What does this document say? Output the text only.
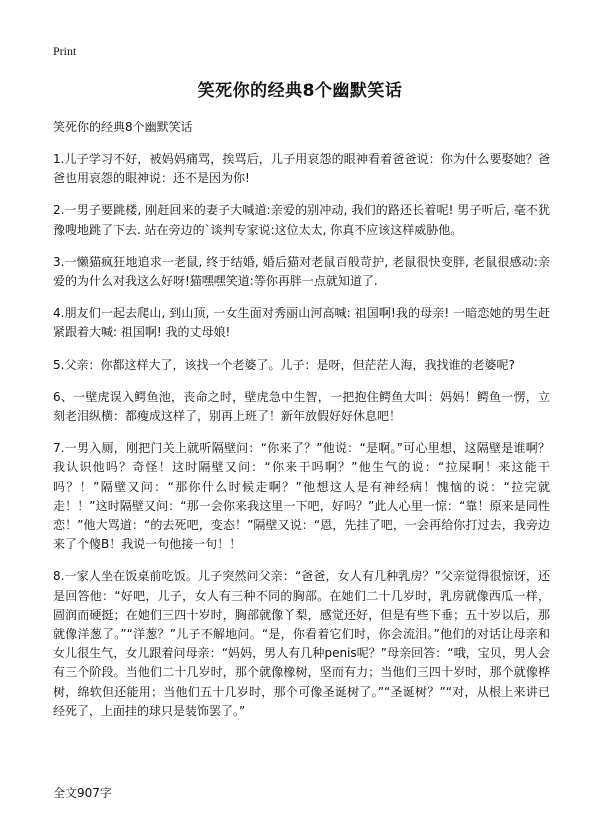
Print
笑死你的经典8个幽默笑话
笑死你的经典8个幽默笑话

1.儿子学习不好，被妈妈痛骂，挨骂后，儿子用哀怨的眼神看着爸爸说：你为什么要娶她？爸爸也用哀怨的眼神说：还不是因为你!

2.一男子要跳楼, 刚赶回来的妻子大喊道:亲爱的别冲动, 我们的路还长着呢! 男子听后, 毫不犹豫嗖地跳了下去. 站在旁边的`谈判专家说:这位太太, 你真不应该这样威胁他。

3.一懒猫疯狂地追求一老鼠, 终于结婚, 婚后猫对老鼠百般苛护, 老鼠很快变胖, 老鼠很感动:亲爱的为什么对我这么好呀!猫嘿嘿笑道:等你再胖一点就知道了.

4.朋友们一起去爬山, 到山顶, 一女生面对秀丽山河高喊: 祖国啊!我的母亲! 一暗恋她的男生赶紧跟着大喊: 祖国啊! 我的丈母娘!

5.父亲：你都这样大了，该找一个老婆了。儿子：是呀，但茫茫人海，我找谁的老婆呢?

6、一壁虎误入鳄鱼池，丧命之时，壁虎急中生智，一把抱住鳄鱼大叫：妈妈！鳄鱼一愣，立刻老泪纵横：都瘦成这样了，别再上班了！新年放假好好休息吧！

7.一男入厕，刚把门关上就听隔壁问：“你来了？”他说：“是啊。”可心里想，这隔壁是谁啊？我认识他吗？奇怪！这时隔壁又问：“你来干吗啊？”他生气的说：“拉屎啊！来这能干吗？！”隔壁又问：“那你什么时候走啊？”他想这人是有神经病！愧恼的说：“拉完就走！！”这时隔壁又问：“那一会你来我这里一下吧，好吗？”此人心里一惊：“靠！原来是同性恋！”他大骂道：“的去死吧，变态！”隔壁又说：“恩，先挂了吧，一会再给你打过去，我旁边来了个傻B！我说一句他接一句！！

8.一家人坐在饭桌前吃饭。儿子突然问父亲：“爸爸，女人有几种乳房？”父亲觉得很惊讶，还是回答他：“好吧，儿子，女人有三种不同的胸部。在她们二十几岁时，乳房就像西瓜一样，圆润而硬挺；在她们三四十岁时，胸部就像丫梨，感觉还好，但是有些下垂；五十岁以后，那就像洋葱了。”“洋葱？”儿子不解地问。“是，你看着它们时，你会流泪。”他们的对话让母亲和女儿很生气，女儿跟着问母亲：“妈妈，男人有几种penis呢？”母亲回答：“哦，宝贝，男人会有三个阶段。当他们二十几岁时，那个就像橡树，坚而有力；当他们三四十岁时，那个就像桦树，绵软但还能用；当他们五十几岁时，那个可像圣诞树了。”“圣诞树？”“对，从根上来讲已经死了，上面挂的球只是装饰罢了。”

全文907字
